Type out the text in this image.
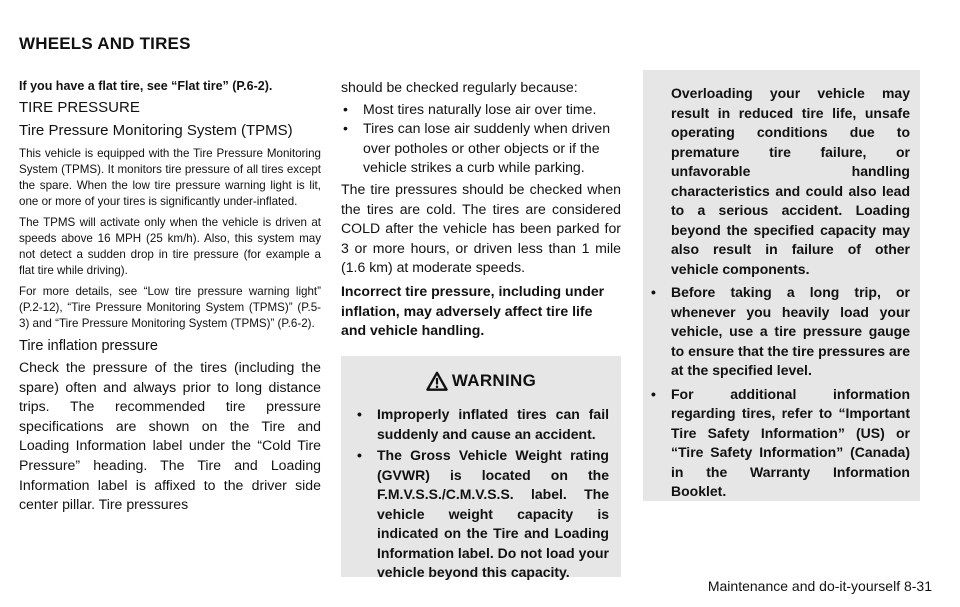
WHEELS AND TIRES

If you have a flat tire, see “Flat tire” (P.6-2).

TIRE PRESSURE

Tire Pressure Monitoring System (TPMS)

This vehicle is equipped with the Tire Pressure Monitoring System (TPMS). It monitors tire pressure of all tires except the spare. When the low tire pressure warning light is lit, one or more of your tires is significantly under-inflated.

The TPMS will activate only when the vehicle is driven at speeds above 16 MPH (25 km/h). Also, this system may not detect a sudden drop in tire pressure (for example a flat tire while driving).

For more details, see “Low tire pressure warning light” (P.2-12), “Tire Pressure Monitoring System (TPMS)” (P.5-3) and “Tire Pressure Monitoring System (TPMS)” (P.6-2).

Tire inflation pressure

Check the pressure of the tires (including the spare) often and always prior to long distance trips. The recommended tire pressure specifications are shown on the Tire and Loading Information label under the “Cold Tire Pressure” heading. The Tire and Loading Information label is affixed to the driver side center pillar. Tire pressures

should be checked regularly because:

• Most tires naturally lose air over time.
• Tires can lose air suddenly when driven over potholes or other objects or if the vehicle strikes a curb while parking.

The tire pressures should be checked when the tires are cold. The tires are considered COLD after the vehicle has been parked for 3 or more hours, or driven less than 1 mile (1.6 km) at moderate speeds.

Incorrect tire pressure, including under inflation, may adversely affect tire life and vehicle handling.

WARNING
• Improperly inflated tires can fail suddenly and cause an accident.
• The Gross Vehicle Weight rating (GVWR) is located on the F.M.V.S.S./C.M.V.S.S. label. The vehicle weight capacity is indicated on the Tire and Loading Information label. Do not load your vehicle beyond this capacity.

Overloading your vehicle may result in reduced tire life, unsafe operating conditions due to premature tire failure, or unfavorable handling characteristics and could also lead to a serious accident. Loading beyond the specified capacity may also result in failure of other vehicle components.

• Before taking a long trip, or whenever you heavily load your vehicle, use a tire pressure gauge to ensure that the tire pressures are at the specified level.
• For additional information regarding tires, refer to “Important Tire Safety Information” (US) or “Tire Safety Information” (Canada) in the Warranty Information Booklet.
Maintenance and do-it-yourself 8-31
